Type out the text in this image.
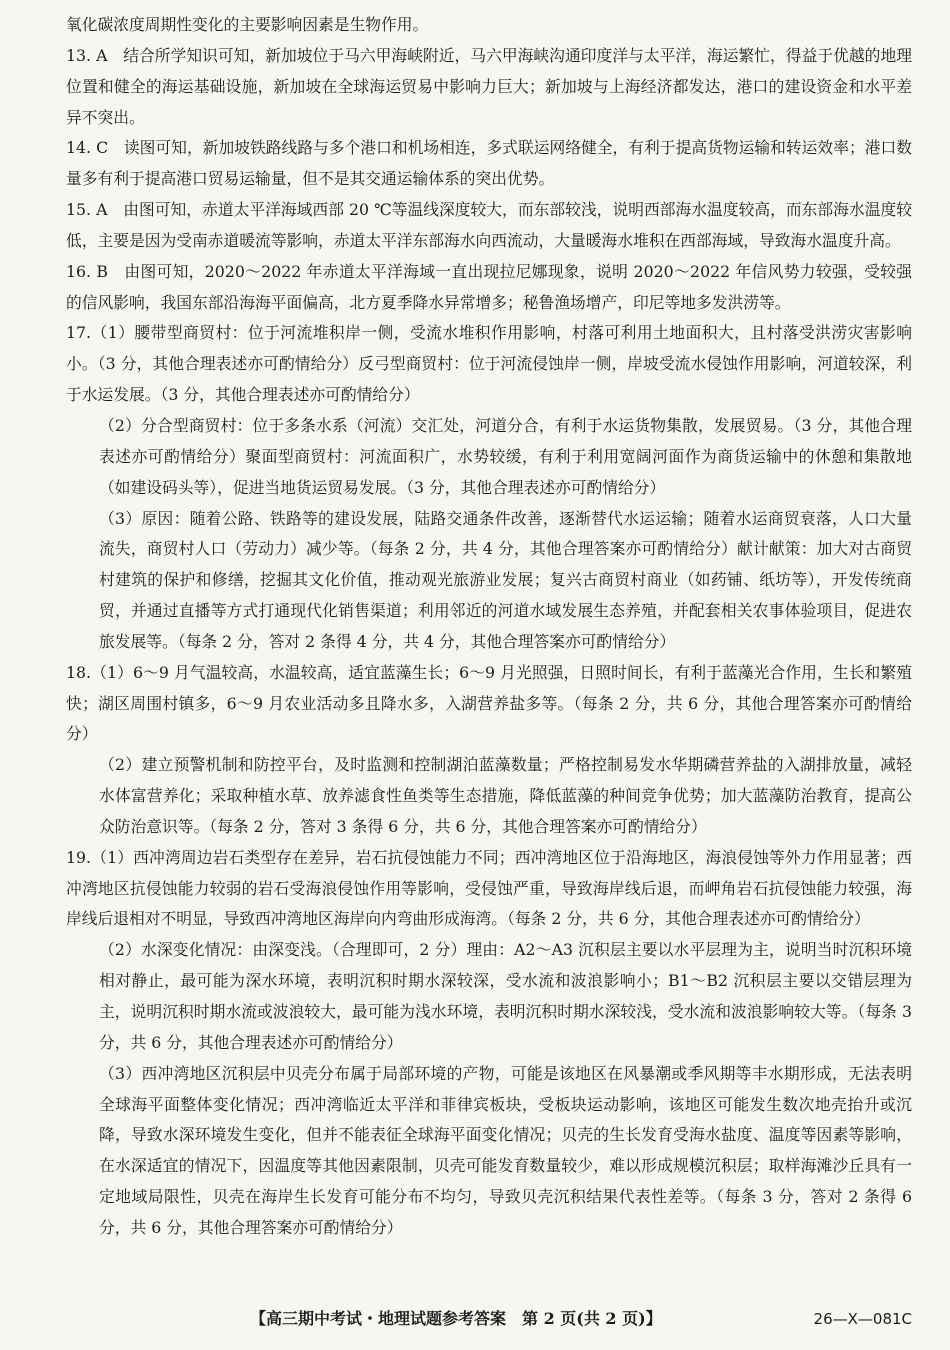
氧化碳浓度周期性变化的主要影响因素是生物作用。

13. A　结合所学知识可知，新加坡位于马六甲海峡附近，马六甲海峡沟通印度洋与太平洋，海运繁忙，得益于优越的地理位置和健全的海运基础设施，新加坡在全球海运贸易中影响力巨大；新加坡与上海经济都发达，港口的建设资金和水平差异不突出。

14. C　读图可知，新加坡铁路线路与多个港口和机场相连，多式联运网络健全，有利于提高货物运输和转运效率；港口数量多有利于提高港口贸易运输量，但不是其交通运输体系的突出优势。

15. A　由图可知，赤道太平洋海域西部 20 ℃等温线深度较大，而东部较浅，说明西部海水温度较高，而东部海水温度较低，主要是因为受南赤道暖流等影响，赤道太平洋东部海水向西流动，大量暖海水堆积在西部海域，导致海水温度升高。

16. B　由图可知，2020～2022 年赤道太平洋海域一直出现拉尼娜现象，说明 2020～2022 年信风势力较强，受较强的信风影响，我国东部沿海海平面偏高，北方夏季降水异常增多；秘鲁渔场增产，印尼等地多发洪涝等。

17.（1）腰带型商贸村：位于河流堆积岸一侧，受流水堆积作用影响，村落可利用土地面积大，且村落受洪涝灾害影响小。（3 分，其他合理表述亦可酌情给分）反弓型商贸村：位于河流侵蚀岸一侧，岸坡受流水侵蚀作用影响，河道较深，利于水运发展。（3 分，其他合理表述亦可酌情给分）

（2）分合型商贸村：位于多条水系（河流）交汇处，河道分合，有利于水运货物集散，发展贸易。（3 分，其他合理表述亦可酌情给分）聚面型商贸村：河流面积广，水势较缓，有利于利用宽阔河面作为商货运输中的休憩和集散地（如建设码头等），促进当地货运贸易发展。（3 分，其他合理表述亦可酌情给分）

（3）原因：随着公路、铁路等的建设发展，陆路交通条件改善，逐渐替代水运运输；随着水运商贸衰落，人口大量流失，商贸村人口（劳动力）减少等。（每条 2 分，共 4 分，其他合理答案亦可酌情给分）献计献策：加大对古商贸村建筑的保护和修缮，挖掘其文化价值，推动观光旅游业发展；复兴古商贸村商业（如药铺、纸坊等），开发传统商贸，并通过直播等方式打通现代化销售渠道；利用邻近的河道水域发展生态养殖，并配套相关农事体验项目，促进农旅发展等。（每条 2 分，答对 2 条得 4 分，共 4 分，其他合理答案亦可酌情给分）

18.（1）6～9 月气温较高，水温较高，适宜蓝藻生长；6～9 月光照强，日照时间长，有利于蓝藻光合作用，生长和繁殖快；湖区周围村镇多，6～9 月农业活动多且降水多，入湖营养盐多等。（每条 2 分，共 6 分，其他合理答案亦可酌情给分）

（2）建立预警机制和防控平台，及时监测和控制湖泊蓝藻数量；严格控制易发水华期磷营养盐的入湖排放量，减轻水体富营养化；采取种植水草、放养滤食性鱼类等生态措施，降低蓝藻的种间竞争优势；加大蓝藻防治教育，提高公众防治意识等。（每条 2 分，答对 3 条得 6 分，共 6 分，其他合理答案亦可酌情给分）

19.（1）西冲湾周边岩石类型存在差异，岩石抗侵蚀能力不同；西冲湾地区位于沿海地区，海浪侵蚀等外力作用显著；西冲湾地区抗侵蚀能力较弱的岩石受海浪侵蚀作用等影响，受侵蚀严重，导致海岸线后退，而岬角岩石抗侵蚀能力较强，海岸线后退相对不明显，导致西冲湾地区海岸向内弯曲形成海湾。（每条 2 分，共 6 分，其他合理表述亦可酌情给分）

（2）水深变化情况：由深变浅。（合理即可，2 分）理由：A2～A3 沉积层主要以水平层理为主，说明当时沉积环境相对静止，最可能为深水环境，表明沉积时期水深较深，受水流和波浪影响小；B1～B2 沉积层主要以交错层理为主，说明沉积时期水流或波浪较大，最可能为浅水环境，表明沉积时期水深较浅，受水流和波浪影响较大等。（每条 3 分，共 6 分，其他合理表述亦可酌情给分）

（3）西冲湾地区沉积层中贝壳分布属于局部环境的产物，可能是该地区在风暴潮或季风期等丰水期形成，无法表明全球海平面整体变化情况；西冲湾临近太平洋和菲律宾板块，受板块运动影响，该地区可能发生数次地壳抬升或沉降，导致水深环境发生变化，但并不能表征全球海平面变化情况；贝壳的生长发育受海水盐度、温度等因素等影响，在水深适宜的情况下，因温度等其他因素限制，贝壳可能发育数量较少，难以形成规模沉积层；取样海滩沙丘具有一定地域局限性，贝壳在海岸生长发育可能分布不均匀，导致贝壳沉积结果代表性差等。（每条 3 分，答对 2 条得 6 分，共 6 分，其他合理答案亦可酌情给分）

【高三期中考试・地理试题参考答案　第 2 页(共 2 页)】	26—X—081C
